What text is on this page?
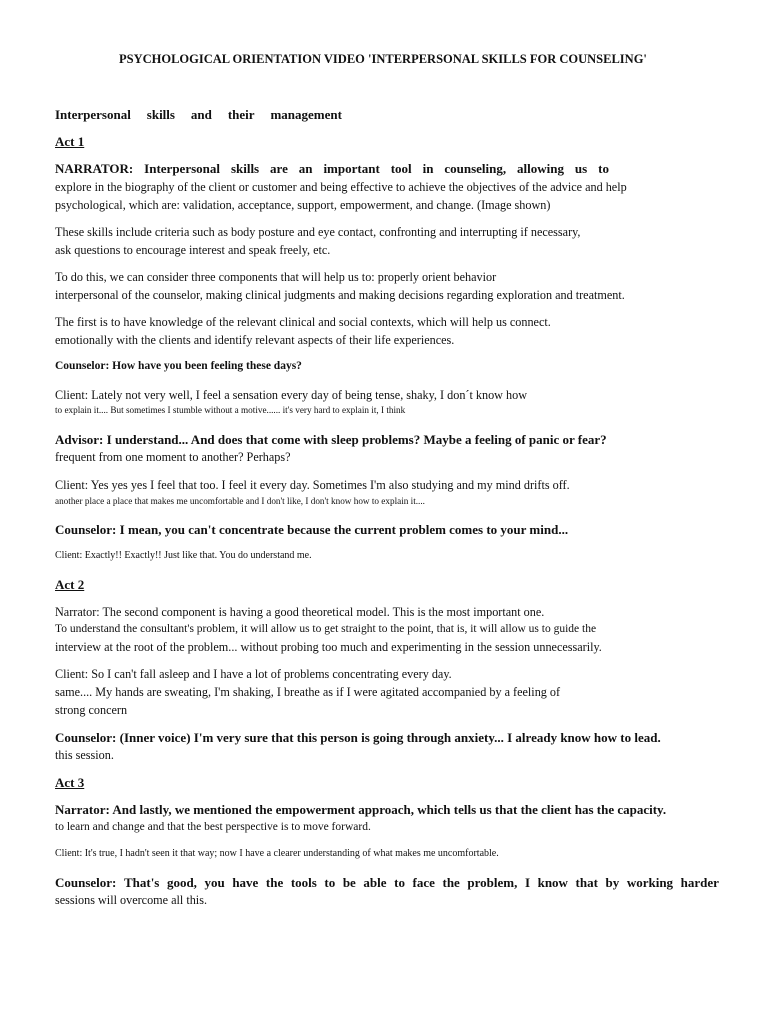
PSYCHOLOGICAL ORIENTATION VIDEO 'INTERPERSONAL SKILLS FOR COUNSELING'
Interpersonal skills and their management
Act 1
NARRATOR: Interpersonal skills are an important tool in counseling, allowing us to
explore in the biography of the client or customer and being effective to achieve the objectives of the advice and help
psychological, which are: validation, acceptance, support, empowerment, and change. (Image shown)
These skills include criteria such as body posture and eye contact, confronting and interrupting if necessary,
ask questions to encourage interest and speak freely, etc.
To do this, we can consider three components that will help us to: properly orient behavior
interpersonal of the counselor, making clinical judgments and making decisions regarding exploration and treatment.
The first is to have knowledge of the relevant clinical and social contexts, which will help us connect.
emotionally with the clients and identify relevant aspects of their life experiences.
Counselor: How have you been feeling these days?
Client: Lately not very well, I feel a sensation every day of being tense, shaky, I don´t know how
to explain it.... But sometimes I stumble without a motive...... it's very hard to explain it, I think
Advisor: I understand... And does that come with sleep problems? Maybe a feeling of panic or fear?
frequent from one moment to another? Perhaps?
Client: Yes yes yes I feel that too. I feel it every day. Sometimes I'm also studying and my mind drifts off.
another place a place that makes me uncomfortable and I don't like, I don't know how to explain it....
Counselor: I mean, you can't concentrate because the current problem comes to your mind...
Client: Exactly!! Exactly!! Just like that. You do understand me.
Act 2
Narrator: The second component is having a good theoretical model. This is the most important one.
To understand the consultant's problem, it will allow us to get straight to the point, that is, it will allow us to guide the
interview at the root of the problem... without probing too much and experimenting in the session unnecessarily.
Client: So I can't fall asleep and I have a lot of problems concentrating every day.
same.... My hands are sweating, I'm shaking, I breathe as if I were agitated accompanied by a feeling of
strong concern
Counselor: (Inner voice) I'm very sure that this person is going through anxiety... I already know how to lead.
this session.
Act 3
Narrator: And lastly, we mentioned the empowerment approach, which tells us that the client has the capacity.
to learn and change and that the best perspective is to move forward.
Client: It's true, I hadn't seen it that way; now I have a clearer understanding of what makes me uncomfortable.
Counselor: That's good, you have the tools to be able to face the problem, I know that by working harder
sessions will overcome all this.
